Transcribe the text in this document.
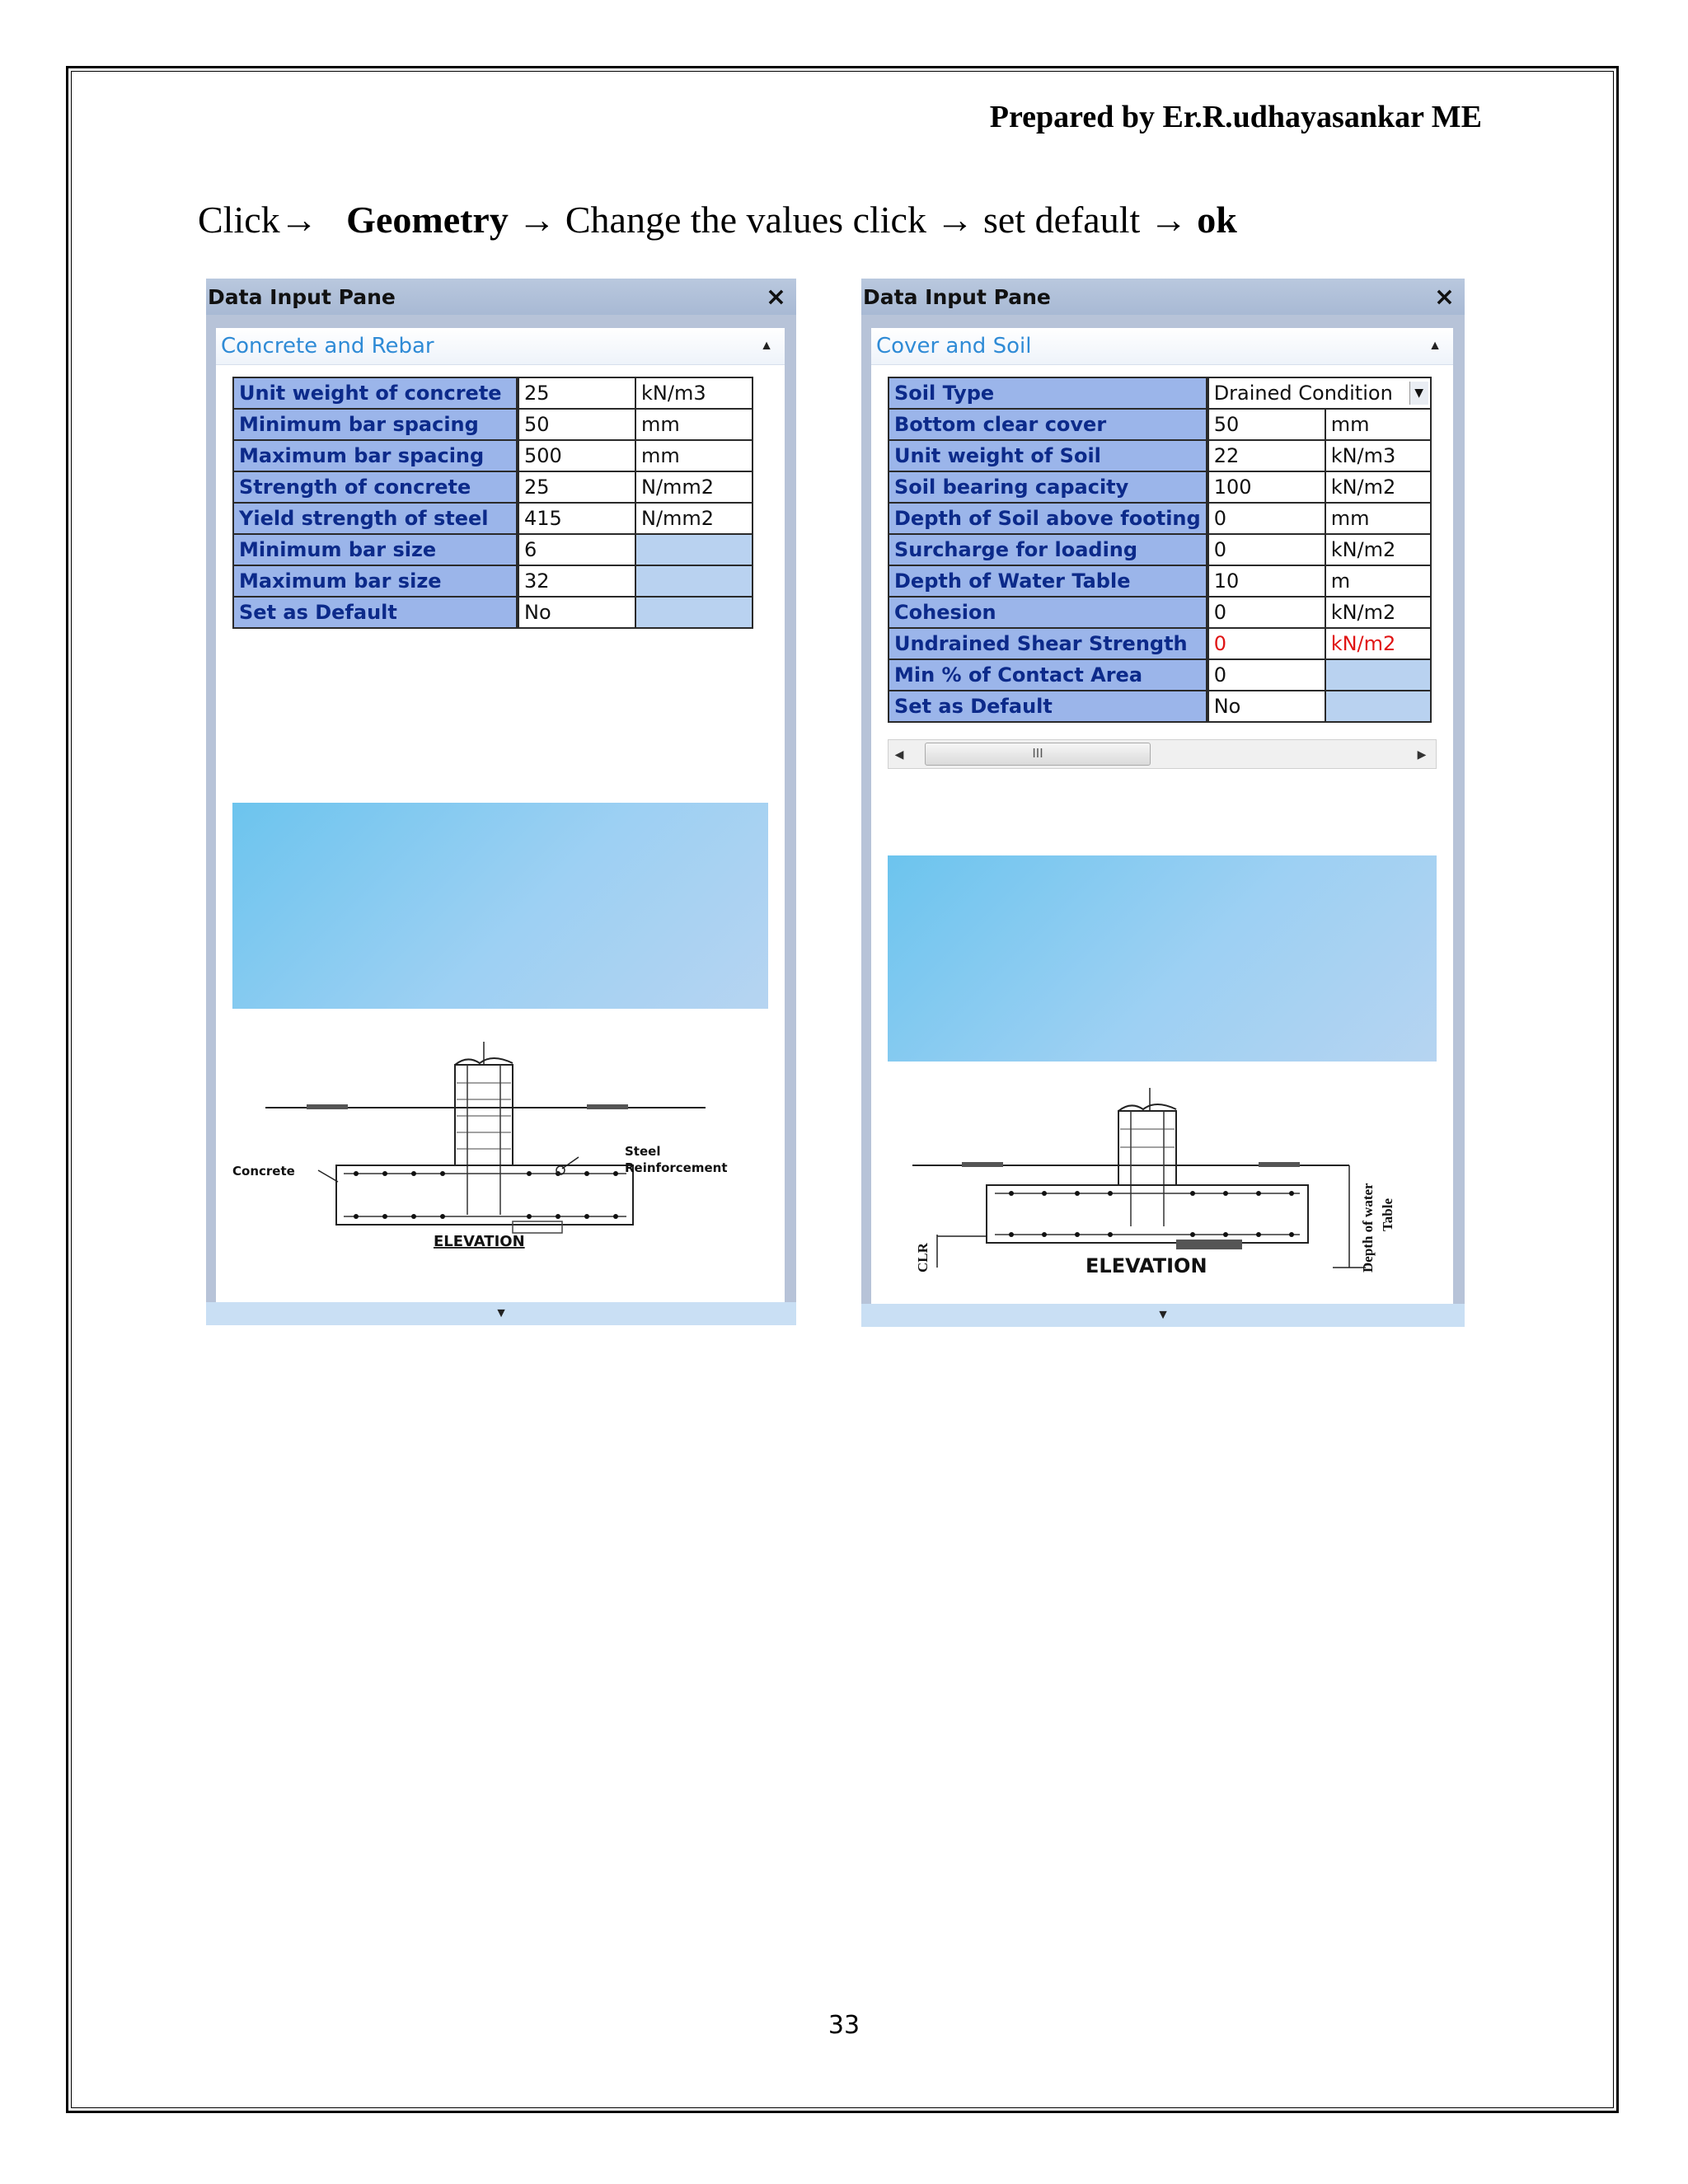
Prepared by Er.R.udhayasankar ME
Click→ Geometry → Change the values click → set default → ok
Data Input Pane	×
Concrete and Rebar	▲
Unit weight of concrete	25	kN/m3
Minimum bar spacing	50	mm
Maximum bar spacing	500	mm
Strength of concrete	25	N/mm2
Yield strength of steel	415	N/mm2
Minimum bar size	6	
Maximum bar size	32	
Set as Default	No	
Concrete
Steel
Reinforcement
ELEVATION
▼
Data Input Pane	×
Cover and Soil	▲
Soil Type	Drained Condition ▼	

Bottom clear cover	50	mm
Unit weight of Soil	22	kN/m3
Soil bearing capacity	100	kN/m2
Depth of Soil above footing	0	mm
Surcharge for loading	0	kN/m2
Depth of Water Table	10	m
Cohesion	0	kN/m2
Undrained Shear Strength	0	kN/m2
Min % of Contact Area	0	
Set as Default	No	
◀	III	▶
CLR	Depth of water Table
ELEVATION
▼
33
